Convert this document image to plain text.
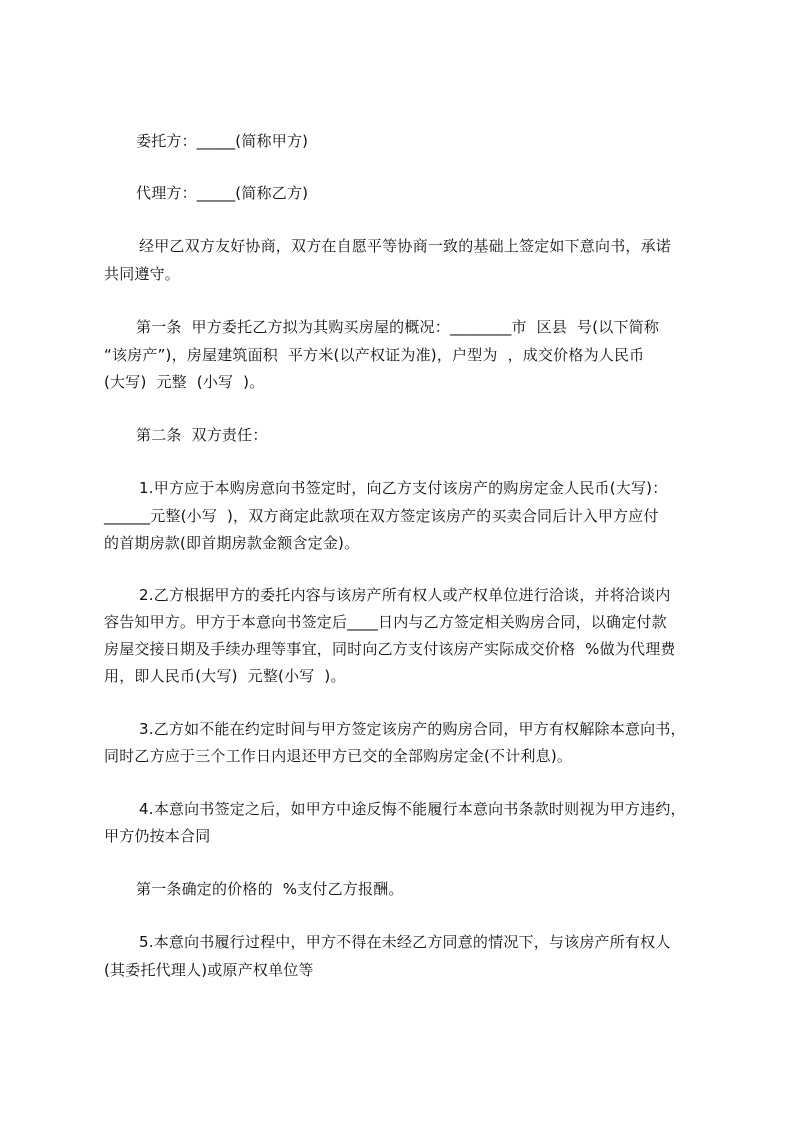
委托方：_____(简称甲方)
代理方：_____(简称乙方)
经甲乙双方友好协商，双方在自愿平等协商一致的基础上签定如下意向书，承诺
共同遵守。
第一条  甲方委托乙方拟为其购买房屋的概况：________市  区县  号(以下简称
“该房产”)，房屋建筑面积  平方米(以产权证为准)，户型为  ，成交价格为人民币
(大写)  元整  (小写  )。
第二条  双方责任：
1.甲方应于本购房意向书签定时，向乙方支付该房产的购房定金人民币(大写)：
______元整(小写  )，双方商定此款项在双方签定该房产的买卖合同后计入甲方应付
的首期房款(即首期房款金额含定金)。
2.乙方根据甲方的委托内容与该房产所有权人或产权单位进行洽谈，并将洽谈内
容告知甲方。甲方于本意向书签定后____日内与乙方签定相关购房合同，以确定付款
房屋交接日期及手续办理等事宜，同时向乙方支付该房产实际成交价格  %做为代理费
用，即人民币(大写)  元整(小写  )。
3.乙方如不能在约定时间与甲方签定该房产的购房合同，甲方有权解除本意向书，
同时乙方应于三个工作日内退还甲方已交的全部购房定金(不计利息)。
4.本意向书签定之后，如甲方中途反悔不能履行本意向书条款时则视为甲方违约，
甲方仍按本合同
第一条确定的价格的  %支付乙方报酬。
5.本意向书履行过程中，甲方不得在未经乙方同意的情况下，与该房产所有权人
(其委托代理人)或原产权单位等
